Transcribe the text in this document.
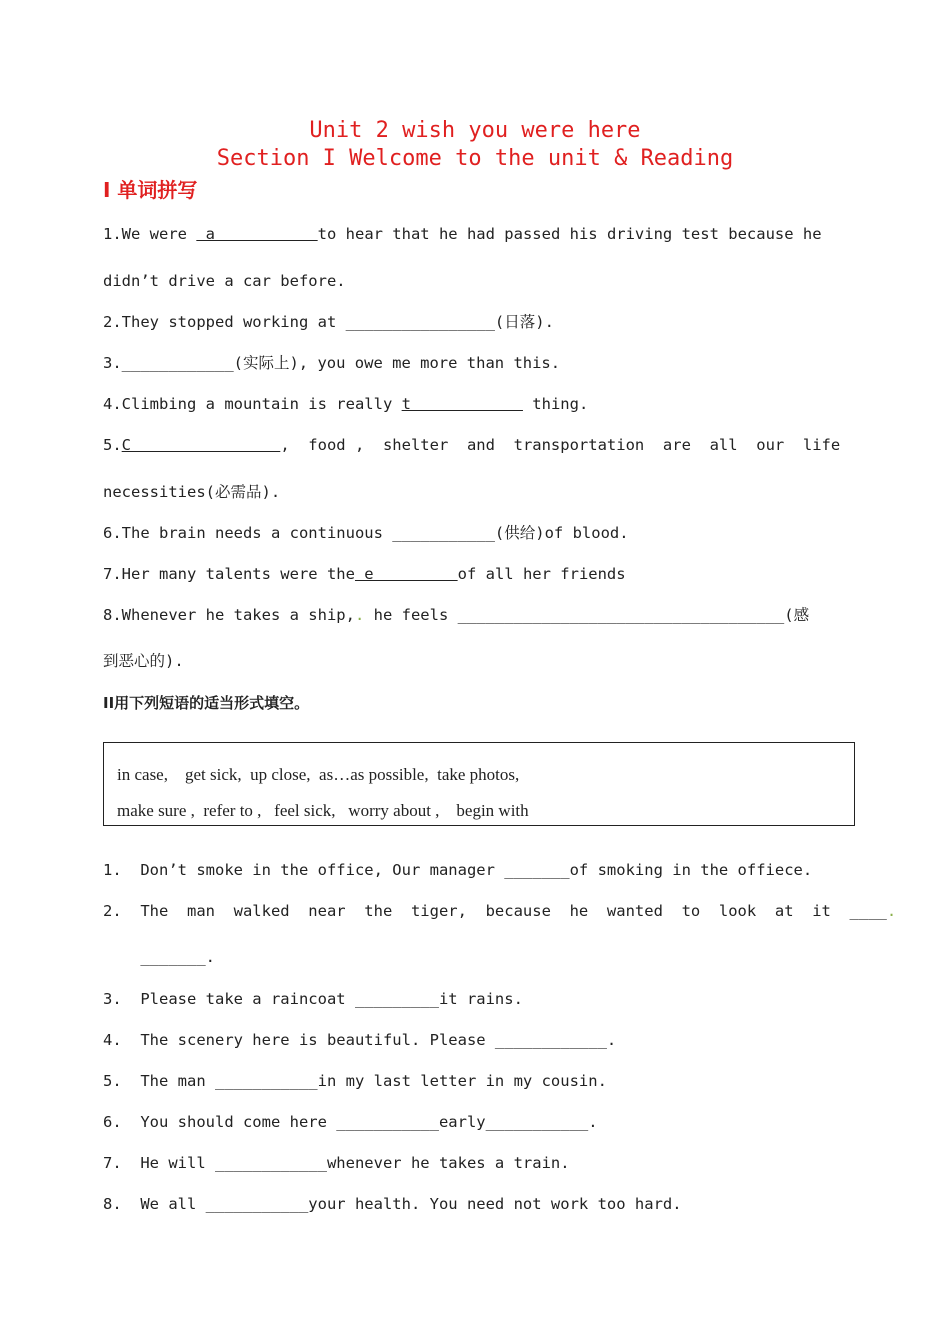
Unit 2 wish you were here
Section I Welcome to the unit & Reading
I 单词拼写
1.We were  a           to hear that he had passed his driving test because he
didn’t drive a car before.
2.They stopped working at ________________(日落).
3.____________(实际上), you owe me more than this.
4.Climbing a mountain is really t             thing.
5.C                ,  food ,  shelter  and  transportation  are  all  our  life
necessities(必需品).
6.The brain needs a continuous ___________(供给)of blood.
7.Her many talents were the e         of all her friends
8.Whenever he takes a ship,. he feels ___________________________________(感
到恶心的).
II用下列短语的适当形式填空。
in case,    get sick,  up close,  as…as possible,  take photos,
make sure ,  refer to ,   feel sick,   worry about ,    begin with
1.  Don’t smoke in the office, Our manager _______of smoking in the offiece.
2.  The  man  walked  near  the  tiger,  because  he  wanted  to  look  at  it  ____.
_______.
3.  Please take a raincoat _________it rains.
4.  The scenery here is beautiful. Please ____________.
5.  The man ___________in my last letter in my cousin.
6.  You should come here ___________early___________.
7.  He will ____________whenever he takes a train.
8.  We all ___________your health. You need not work too hard.
